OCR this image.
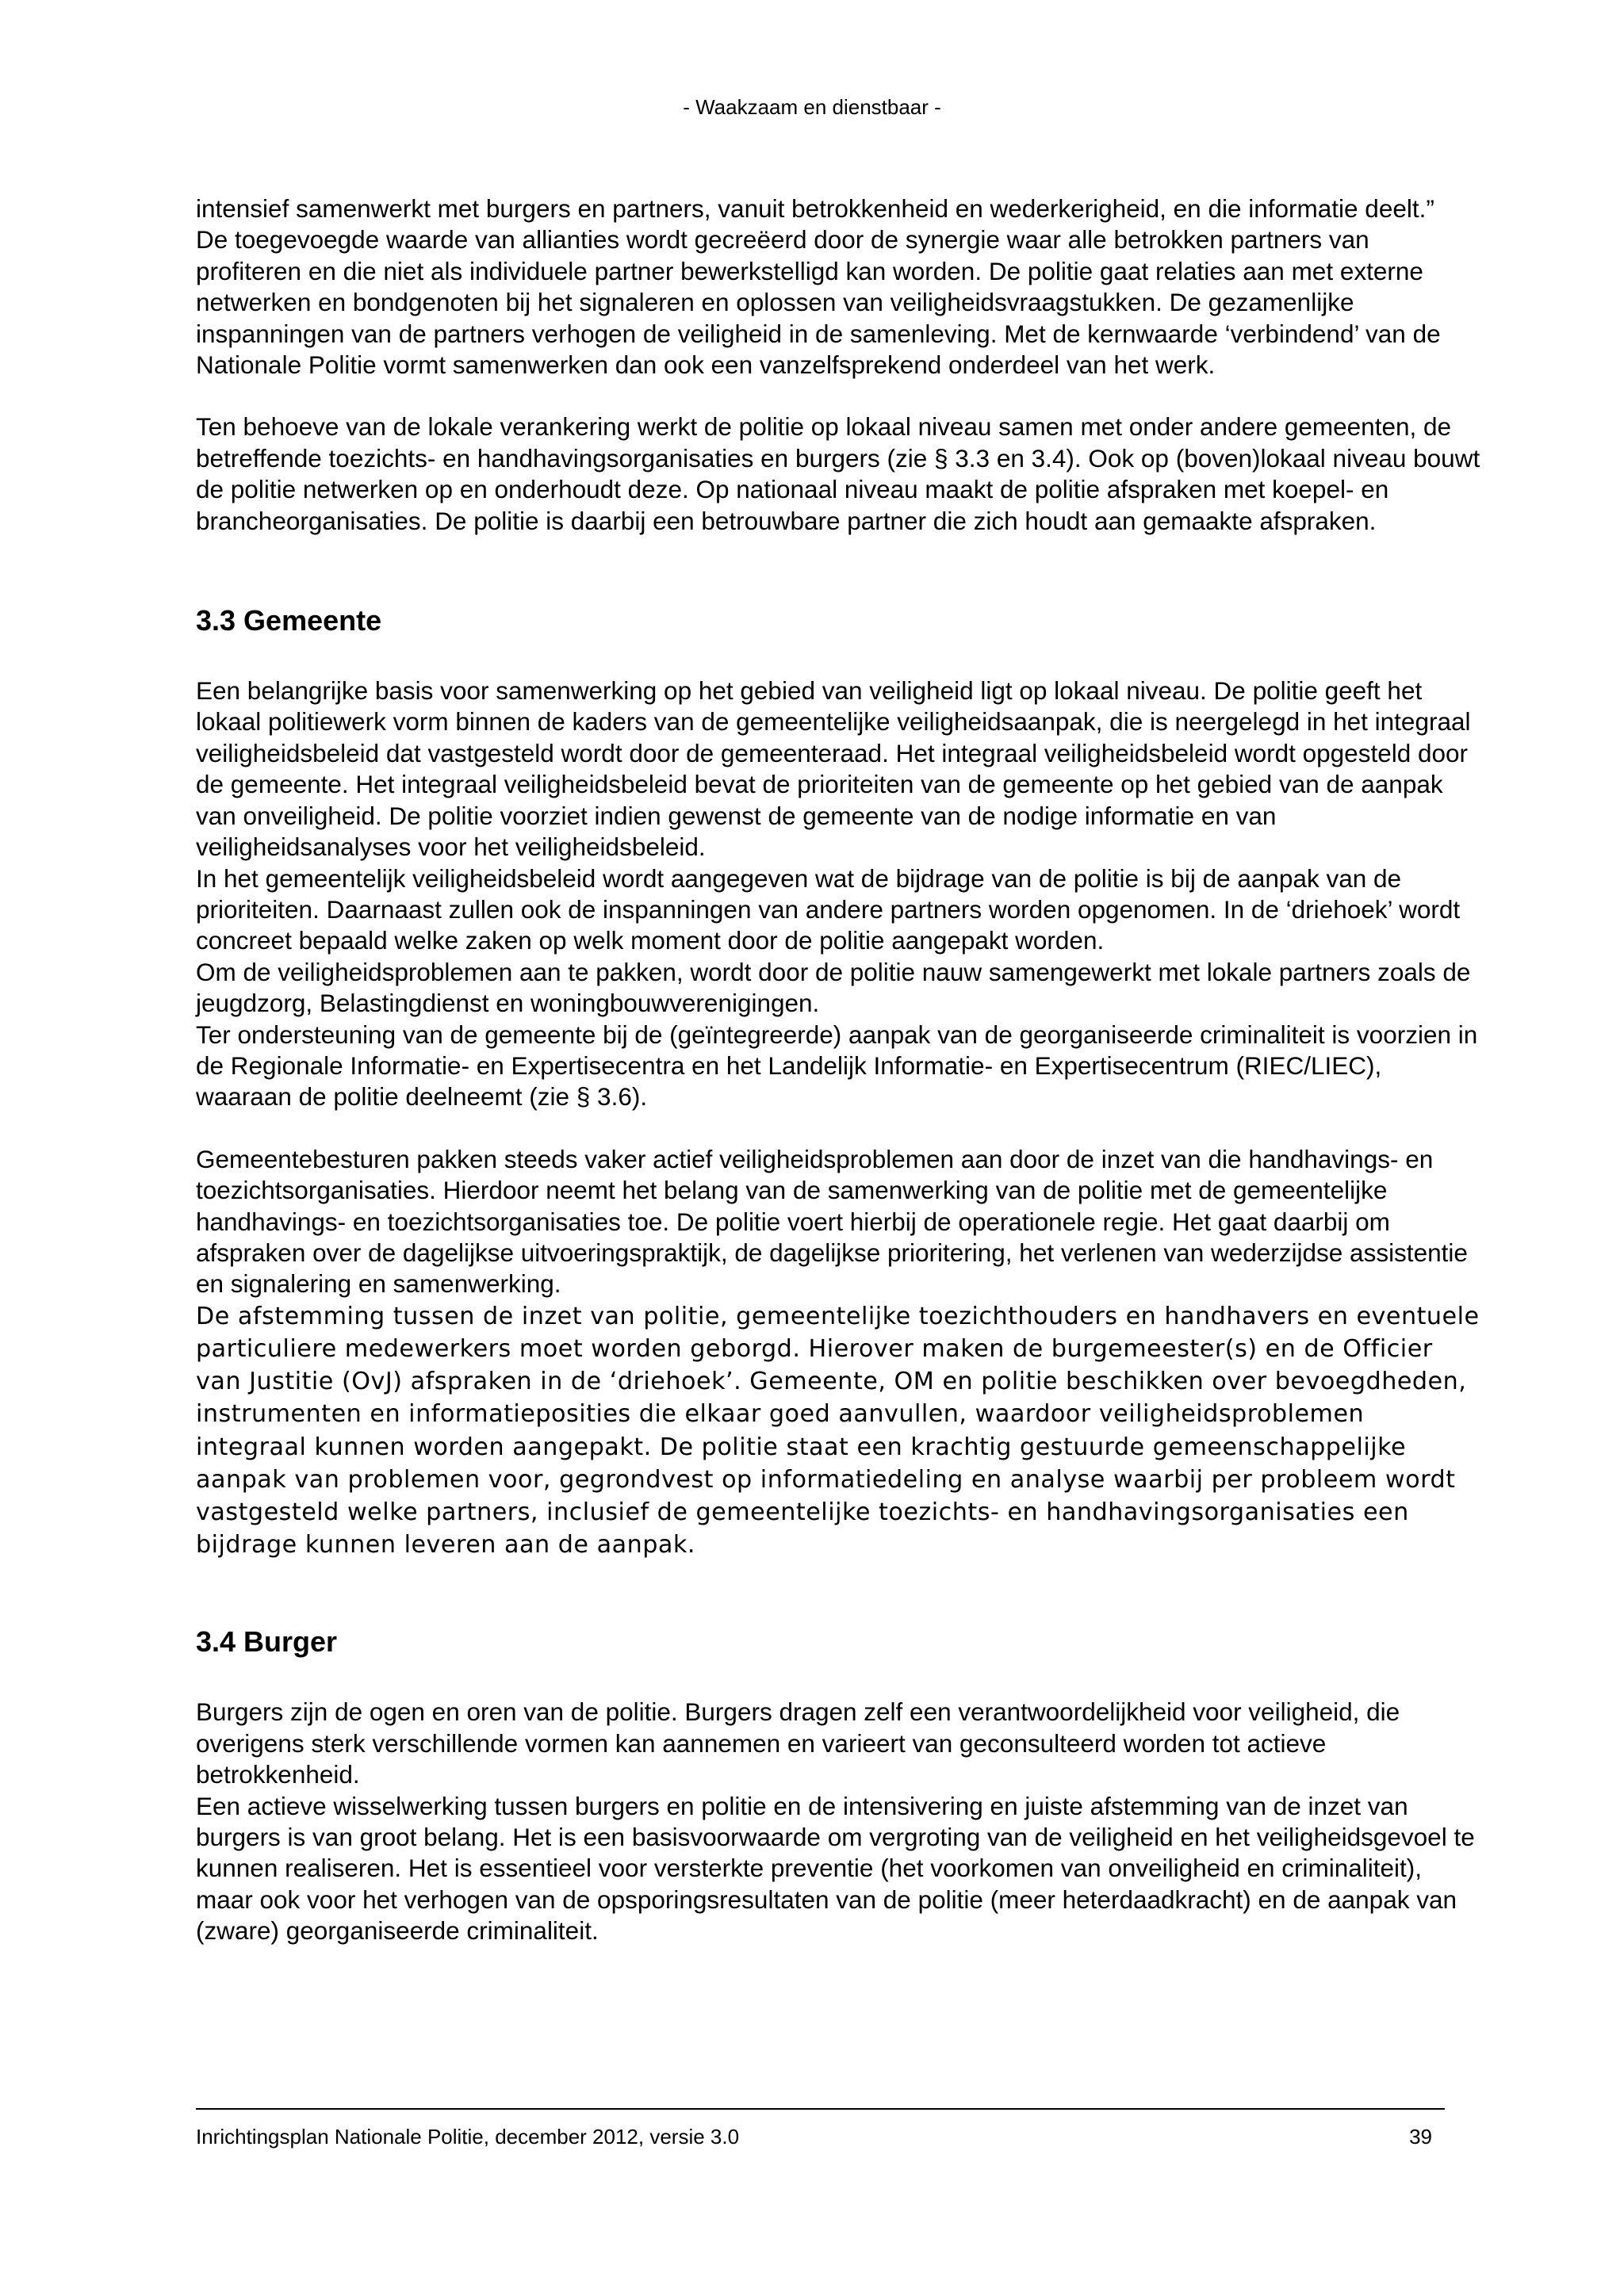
- Waakzaam en dienstbaar -

intensief samenwerkt met burgers en partners, vanuit betrokkenheid en wederkerigheid, en die informatie deelt.”

De toegevoegde waarde van allianties wordt gecreëerd door de synergie waar alle betrokken partners van profiteren en die niet als individuele partner bewerkstelligd kan worden. De politie gaat relaties aan met externe netwerken en bondgenoten bij het signaleren en oplossen van veiligheidsvraagstukken. De gezamenlijke inspanningen van de partners verhogen de veiligheid in de samenleving. Met de kernwaarde ‘verbindend’ van de Nationale Politie vormt samenwerken dan ook een vanzelfsprekend onderdeel van het werk.

Ten behoeve van de lokale verankering werkt de politie op lokaal niveau samen met onder andere gemeenten, de betreffende toezichts- en handhavingsorganisaties en burgers (zie § 3.3 en 3.4). Ook op (boven)lokaal niveau bouwt de politie netwerken op en onderhoudt deze. Op nationaal niveau maakt de politie afspraken met koepel- en brancheorganisaties. De politie is daarbij een betrouwbare partner die zich houdt aan gemaakte afspraken.

3.3 Gemeente

Een belangrijke basis voor samenwerking op het gebied van veiligheid ligt op lokaal niveau. De politie geeft het lokaal politiewerk vorm binnen de kaders van de gemeentelijke veiligheidsaanpak, die is neergelegd in het integraal veiligheidsbeleid dat vastgesteld wordt door de gemeenteraad. Het integraal veiligheidsbeleid wordt opgesteld door de gemeente. Het integraal veiligheidsbeleid bevat de prioriteiten van de gemeente op het gebied van de aanpak van onveiligheid. De politie voorziet indien gewenst de gemeente van de nodige informatie en van veiligheidsanalyses voor het veiligheidsbeleid.

In het gemeentelijk veiligheidsbeleid wordt aangegeven wat de bijdrage van de politie is bij de aanpak van de prioriteiten. Daarnaast zullen ook de inspanningen van andere partners worden opgenomen. In de ‘driehoek’ wordt concreet bepaald welke zaken op welk moment door de politie aangepakt worden.

Om de veiligheidsproblemen aan te pakken, wordt door de politie nauw samengewerkt met lokale partners zoals de jeugdzorg, Belastingdienst en woningbouwverenigingen.

Ter ondersteuning van de gemeente bij de (geïntegreerde) aanpak van de georganiseerde criminaliteit is voorzien in de Regionale Informatie- en Expertisecentra en het Landelijk Informatie- en Expertisecentrum (RIEC/LIEC), waaraan de politie deelneemt (zie § 3.6).

Gemeentebesturen pakken steeds vaker actief veiligheidsproblemen aan door de inzet van die handhavings- en toezichtsorganisaties. Hierdoor neemt het belang van de samenwerking van de politie met de gemeentelijke handhavings- en toezichtsorganisaties toe. De politie voert hierbij de operationele regie. Het gaat daarbij om afspraken over de dagelijkse uitvoeringspraktijk, de dagelijkse prioritering, het verlenen van wederzijdse assistentie en signalering en samenwerking.

De afstemming tussen de inzet van politie, gemeentelijke toezichthouders en handhavers en eventuele particuliere medewerkers moet worden geborgd. Hierover maken de burgemeester(s) en de Officier van Justitie (OvJ) afspraken in de ‘driehoek’. Gemeente, OM en politie beschikken over bevoegdheden, instrumenten en informatieposities die elkaar goed aanvullen, waardoor veiligheidsproblemen integraal kunnen worden aangepakt. De politie staat een krachtig gestuurde gemeenschappelijke aanpak van problemen voor, gegrondvest op informatiedeling en analyse waarbij per probleem wordt vastgesteld welke partners, inclusief de gemeentelijke toezichts- en handhavingsorganisaties een bijdrage kunnen leveren aan de aanpak.

3.4 Burger

Burgers zijn de ogen en oren van de politie. Burgers dragen zelf een verantwoordelijkheid voor veiligheid, die overigens sterk verschillende vormen kan aannemen en varieert van geconsulteerd worden tot actieve betrokkenheid.

Een actieve wisselwerking tussen burgers en politie en de intensivering en juiste afstemming van de inzet van burgers is van groot belang. Het is een basisvoorwaarde om vergroting van de veiligheid en het veiligheidsgevoel te kunnen realiseren. Het is essentieel voor versterkte preventie (het voorkomen van onveiligheid en criminaliteit), maar ook voor het verhogen van de opsporingsresultaten van de politie (meer heterdaadkracht) en de aanpak van (zware) georganiseerde criminaliteit.

Inrichtingsplan Nationale Politie, december 2012, versie 3.0	39
